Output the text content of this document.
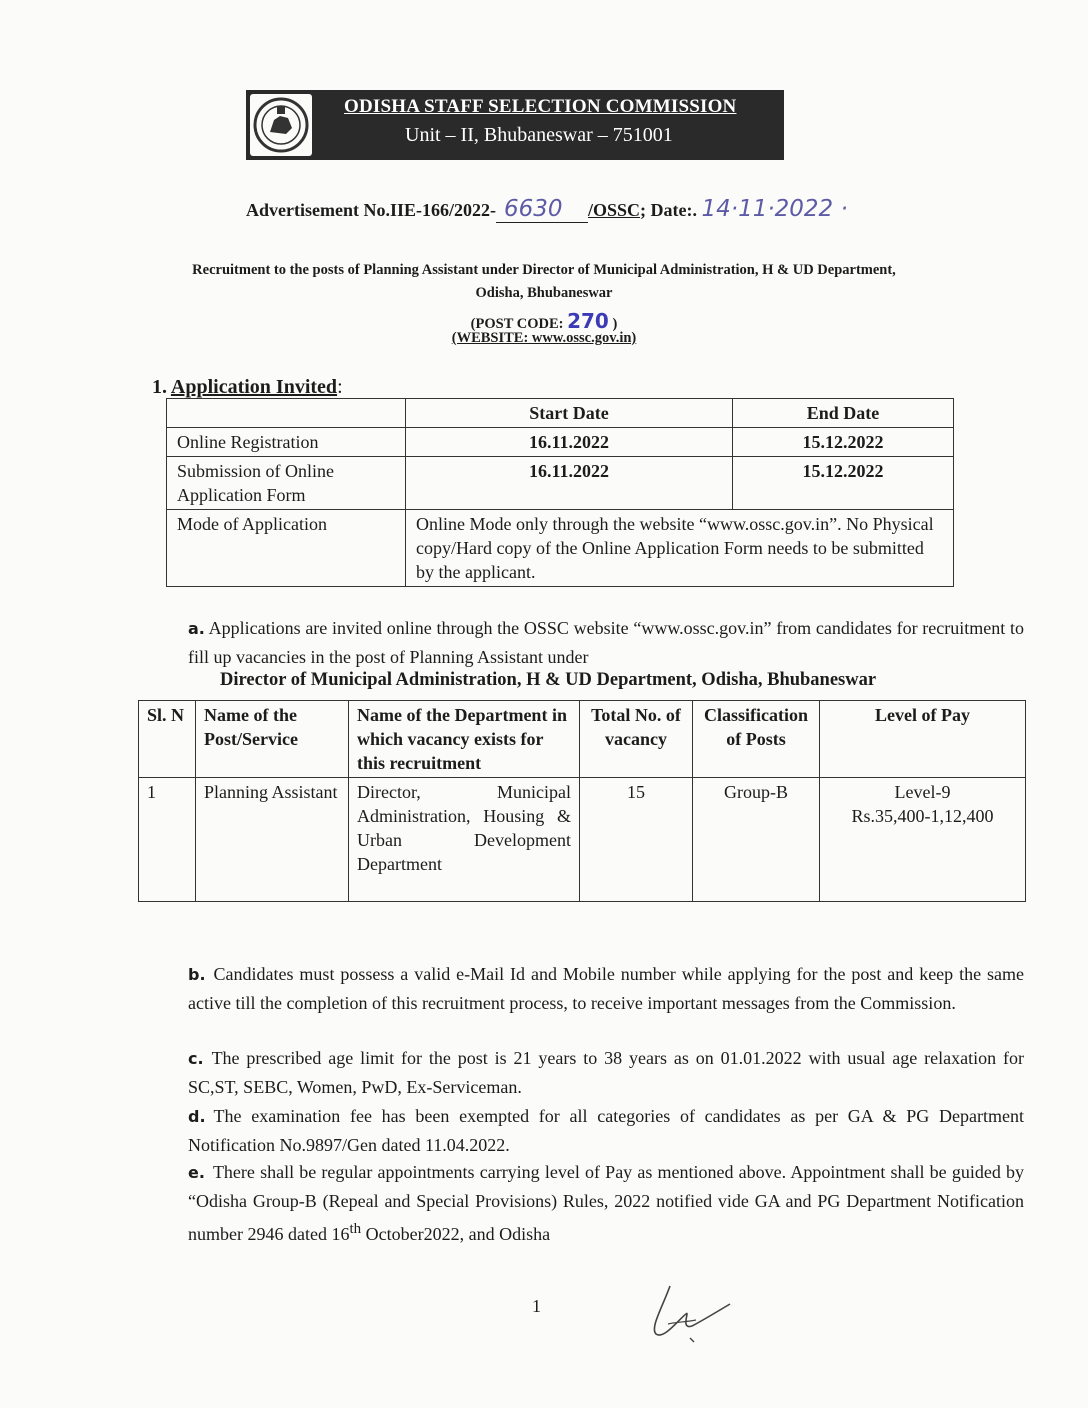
ODISHA STAFF SELECTION COMMISSION
Unit – II, Bhubaneswar – 751001
Advertisement No.IIE-166/2022- 6630 /OSSC; Date:. 14·11·2022 ·
Recruitment to the posts of Planning Assistant under Director of Municipal Administration, H & UD Department,
Odisha, Bhubaneswar
(POST CODE: 270 )
(WEBSITE: www.ossc.gov.in)
1. Application Invited:
	Start Date	End Date
Online Registration	16.11.2022	15.12.2022
Submission of Online Application Form	16.11.2022	15.12.2022
Mode of Application	Online Mode only through the website “www.ossc.gov.in”. No Physical copy/Hard copy of the Online Application Form needs to be submitted by the applicant.	
a. Applications are invited online through the OSSC website “www.ossc.gov.in” from candidates for recruitment to fill up vacancies in the post of Planning Assistant under
Director of Municipal Administration, H & UD Department, Odisha, Bhubaneswar
Sl. N	Name of the Post/Service	Name of the Department in which vacancy exists for this recruitment	Total No. of vacancy	Classification of Posts	Level of Pay
1	Planning Assistant	Director, Municipal Administration, Housing & Urban Development Department	15	Group-B	Level-9
Rs.35,400-1,12,400
b. Candidates must possess a valid e-Mail Id and Mobile number while applying for the post and keep the same active till the completion of this recruitment process, to receive important messages from the Commission.
c. The prescribed age limit for the post is 21 years to 38 years as on 01.01.2022 with usual age relaxation for SC,ST, SEBC, Women, PwD, Ex-Serviceman.
d. The examination fee has been exempted for all categories of candidates as per GA & PG Department Notification No.9897/Gen dated 11.04.2022.
e. There shall be regular appointments carrying level of Pay as mentioned above. Appointment shall be guided by “Odisha Group-B (Repeal and Special Provisions) Rules, 2022 notified vide GA and PG Department Notification number 2946 dated 16th October2022, and Odisha
1
